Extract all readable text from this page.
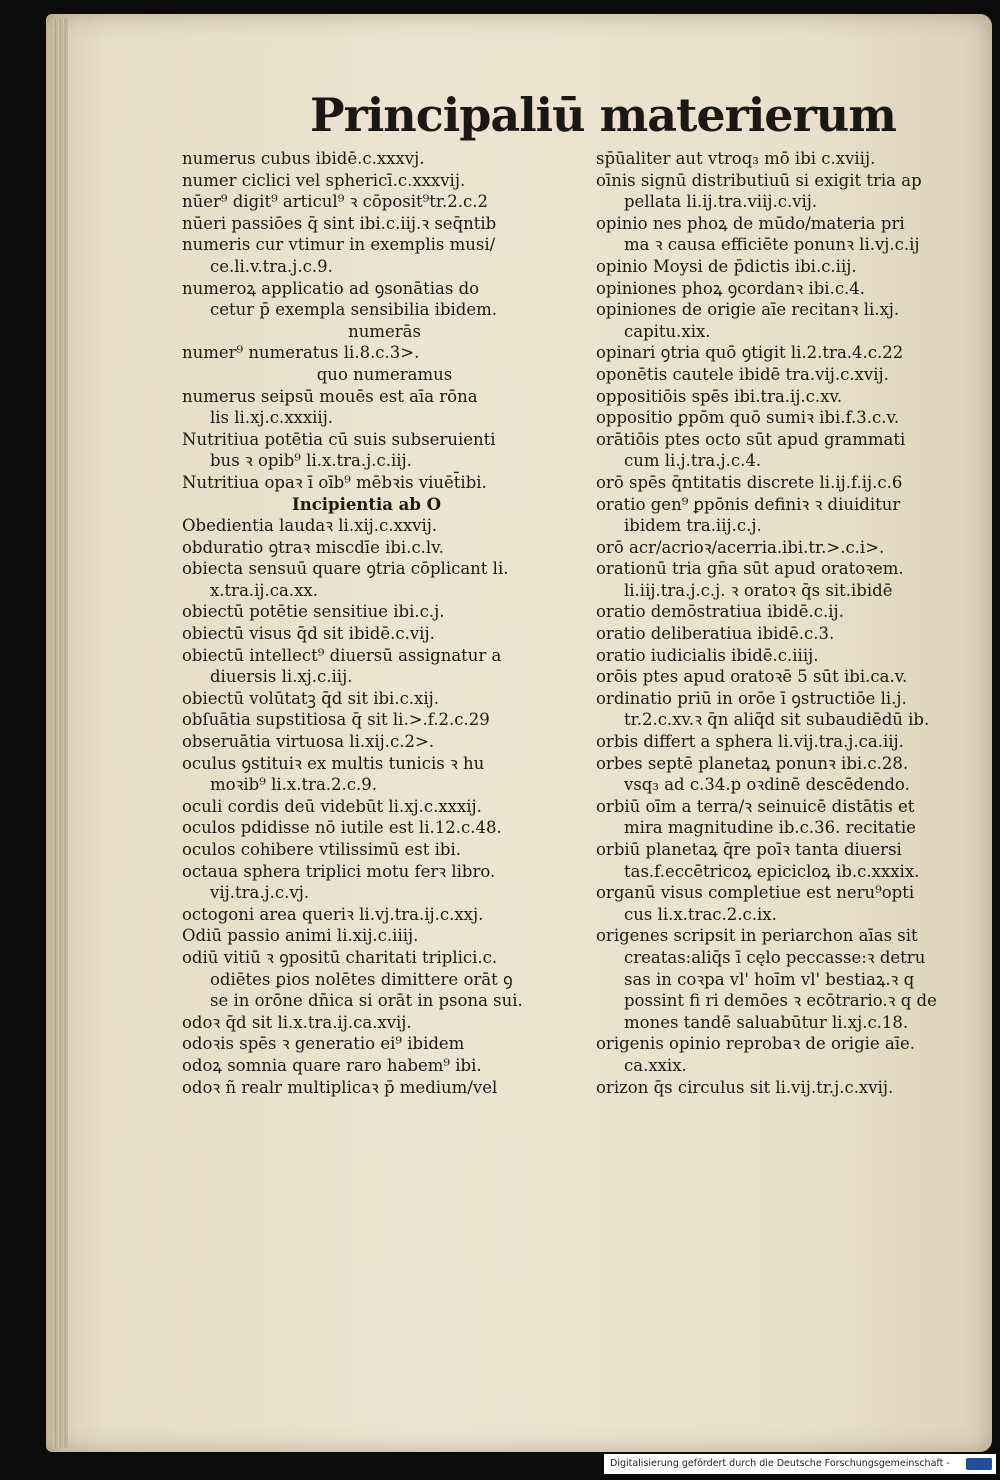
Principaliū materierum
numerus cubus ibidē.c.xxxvj.
numer ciclici vel sphericī.c.xxxvij.
nūer⁹ digit⁹ articul⁹ ꝛ cōposit⁹tr.2.c.2
nūeri passiōes q̄ sint ibi.c.iij.ꝛ seq̄ntib
numeris cur vtimur in exemplis musi/
ce.li.v.tra.j.c.9.
numeroꝝ applicatio ad ꝯsonātias do
cetur p̄ exempla sensibilia ibidem.
numerās
numer⁹ numeratus li.8.c.3>.
quo numeramus
numerus seipsū mouēs est aīa rōna
lis li.xj.c.xxxiij.
Nutritiua potētia cū suis subseruienti
bus ꝛ opib⁹ li.x.tra.j.c.iij.
Nutritiua opaꝛ ī oīb⁹ mēbꝛis viuēt̄ibi.
Incipientia ab O
Obedientia laudaꝛ li.xij.c.xxvij.
obduratio ꝯtraꝛ miscdīe ibi.c.lv.
obiecta sensuū quare ꝯtria cōplicant li.
x.tra.ij.ca.xx.
obiectū potētie sensitiue ibi.c.j.
obiectū visus q̄d sit ibidē.c.vij.
obiectū intellect⁹ diuersū assignatur a
diuersis li.xj.c.iij.
obiectū volūtatꝫ q̄d sit ibi.c.xij.
obſuātia supstitiosa q̄ sit li.>.f.2.c.29
obseruātia virtuosa li.xij.c.2>.
oculus ꝯstituiꝛ ex multis tunicis ꝛ hu
moꝛib⁹ li.x.tra.2.c.9.
oculi cordis deū videbūt li.xj.c.xxxij.
oculos pdidisse nō iutile est li.12.c.48.
oculos cohibere vtilissimū est ibi.
octaua sphera triplici motu ferꝛ libro.
vij.tra.j.c.vj.
octogoni area queriꝛ li.vj.tra.ij.c.xxj.
Odiū passio animi li.xij.c.iiij.
odiū vitiū ꝛ ꝯpositū charitati triplici.c.
odiētes ꝑios nolētes dimittere orāt ꝯ
se in orōne dn̄ica si orāt in psona sui.
odoꝛ q̄d sit li.x.tra.ij.ca.xvij.
odoꝛis spēs ꝛ generatio ei⁹ ibidem
odoꝝ somnia quare raro habem⁹ ibi.
odoꝛ ñ realr multiplicaꝛ p̄ medium/vel
sp̄ūaliter aut vtroq₃ mō ibi c.xviij.
oīnis signū distributiuū si exigit tria ap
pellata li.ij.tra.viij.c.vij.
opinio nes phoꝝ de mūdo/materia pri
ma ꝛ causa efficiēte ponunꝛ li.vj.c.ij
opinio Moysi de p̄dictis ibi.c.iij.
opiniones phoꝝ ꝯcordanꝛ ibi.c.4.
opiniones de origie aīe recitanꝛ li.xj.
capitu.xix.
opinari ꝯtria quō ꝯtigit li.2.tra.4.c.22
oponētis cautele ibidē tra.vij.c.xvij.
oppositiōis spēs ibi.tra.ij.c.xv.
oppositio ꝑpōm quō sumiꝛ ibi.f.3.c.v.
orātiōis ptes octo sūt apud grammati
cum li.j.tra.j.c.4.
orō spēs q̄ntitatis discrete li.ij.f.ij.c.6
oratio gen⁹ ꝑpōnis definiꝛ ꝛ diuiditur
ibidem tra.iij.c.j.
orō acr/acrioꝛ/acerria.ibi.tr.>.c.i>.
orationū tria gn̄a sūt apud oratoꝛem.
li.iij.tra.j.c.j. ꝛ oratoꝛ q̄s sit.ibidē
oratio demōstratiua ibidē.c.ij.
oratio deliberatiua ibidē.c.3.
oratio iudicialis ibidē.c.iiij.
orōis ptes apud oratoꝛē 5 sūt ibi.ca.v.
ordinatio priū in orōe ī ꝯstructiōe li.j.
tr.2.c.xv.ꝛ q̄n aliq̄d sit subaudiēdū ib.
orbis differt a sphera li.vij.tra.j.ca.iij.
orbes septē planetaꝝ ponunꝛ ibi.c.28.
vsq₃ ad c.34.p oꝛdinē descēdendo.
orbiū oīm a terra/ꝛ seinuicē distātis et
mira magnitudine ib.c.36. recitatie
orbiū planetaꝝ q̄re poīꝛ tanta diuersi
tas.f.eccētricoꝝ epicicloꝝ ib.c.xxxix.
organū visus completiue est neru⁹opti
cus li.x.trac.2.c.ix.
origenes scripsit in periarchon aīas sit
creatas:aliq̄s ī cęlo peccasse:ꝛ detru
sas in coꝛpa vl' hoīm vl' bestiaꝝ.ꝛ q
possint fi ri demōes ꝛ ecōtrario.ꝛ q de
mones tandē saluabūtur li.xj.c.18.
origenis opinio reprobaꝛ de origie aīe.
ca.xxix.
orizon q̄s circulus sit li.vij.tr.j.c.xvij.
Digitalisierung gefördert durch die Deutsche Forschungsgemeinschaft -
